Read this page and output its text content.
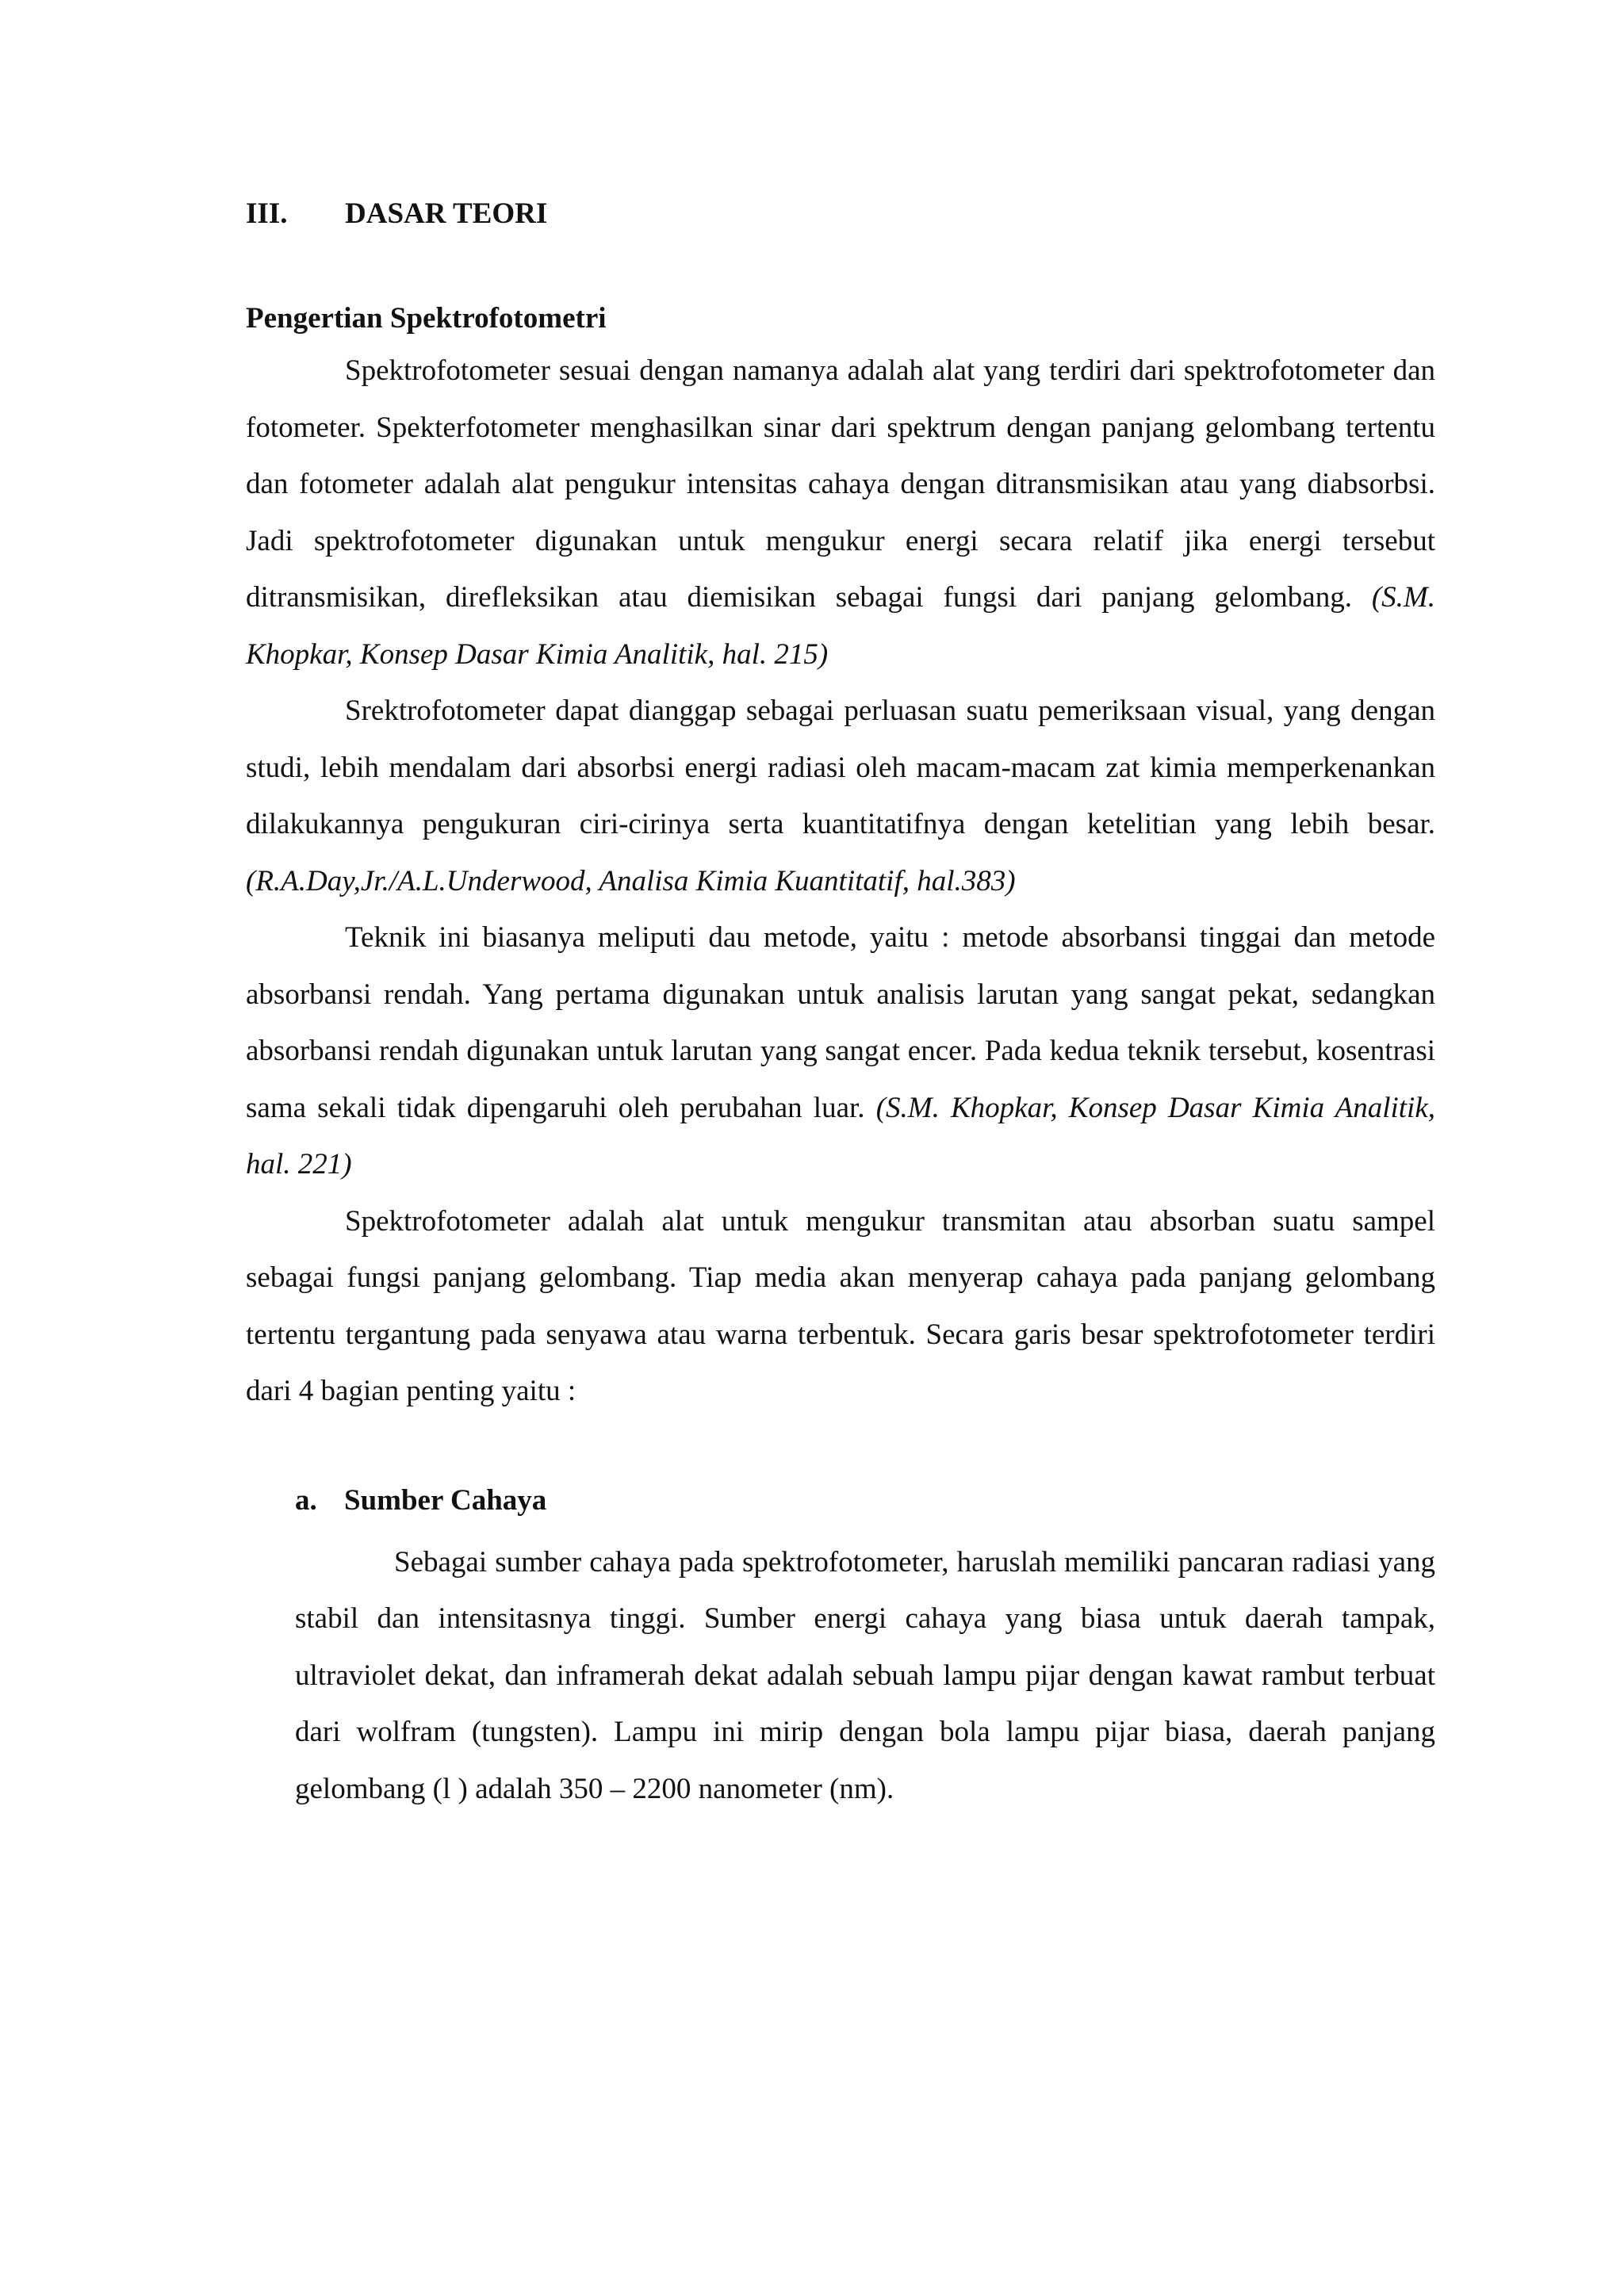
III.	DASAR TEORI
Pengertian Spektrofotometri

Spektrofotometer sesuai dengan namanya adalah alat yang terdiri dari spektrofotometer dan fotometer. Spekterfotometer menghasilkan sinar dari spektrum dengan panjang gelombang tertentu dan fotometer adalah alat pengukur intensitas cahaya dengan ditransmisikan atau yang diabsorbsi. Jadi spektrofotometer digunakan untuk mengukur energi secara relatif jika energi tersebut ditransmisikan, direfleksikan atau diemisikan sebagai fungsi dari panjang gelombang. (S.M. Khopkar, Konsep Dasar Kimia Analitik, hal. 215)

Srektrofotometer dapat dianggap sebagai perluasan suatu pemeriksaan visual, yang dengan studi, lebih mendalam dari absorbsi energi radiasi oleh macam-macam zat kimia memperkenankan dilakukannya pengukuran ciri-cirinya serta kuantitatifnya dengan ketelitian yang lebih besar. (R.A.Day,Jr./A.L.Underwood, Analisa Kimia Kuantitatif, hal.383)

Teknik ini biasanya meliputi dau metode, yaitu : metode absorbansi tinggai dan metode absorbansi rendah. Yang pertama digunakan untuk analisis larutan yang sangat pekat, sedangkan absorbansi rendah digunakan untuk larutan yang sangat encer. Pada kedua teknik tersebut, kosentrasi sama sekali tidak dipengaruhi oleh perubahan luar. (S.M. Khopkar, Konsep Dasar Kimia Analitik, hal. 221)

Spektrofotometer adalah alat untuk mengukur transmitan atau absorban suatu sampel sebagai fungsi panjang gelombang. Tiap media akan menyerap cahaya pada panjang gelombang tertentu tergantung pada senyawa atau warna terbentuk. Secara garis besar spektrofotometer terdiri dari 4 bagian penting yaitu :

a. Sumber Cahaya

Sebagai sumber cahaya pada spektrofotometer, haruslah memiliki pancaran radiasi yang stabil dan intensitasnya tinggi. Sumber energi cahaya yang biasa untuk daerah tampak, ultraviolet dekat, dan inframerah dekat adalah sebuah lampu pijar dengan kawat rambut terbuat dari wolfram (tungsten). Lampu ini mirip dengan bola lampu pijar biasa, daerah panjang gelombang (l ) adalah 350 – 2200 nanometer (nm).
